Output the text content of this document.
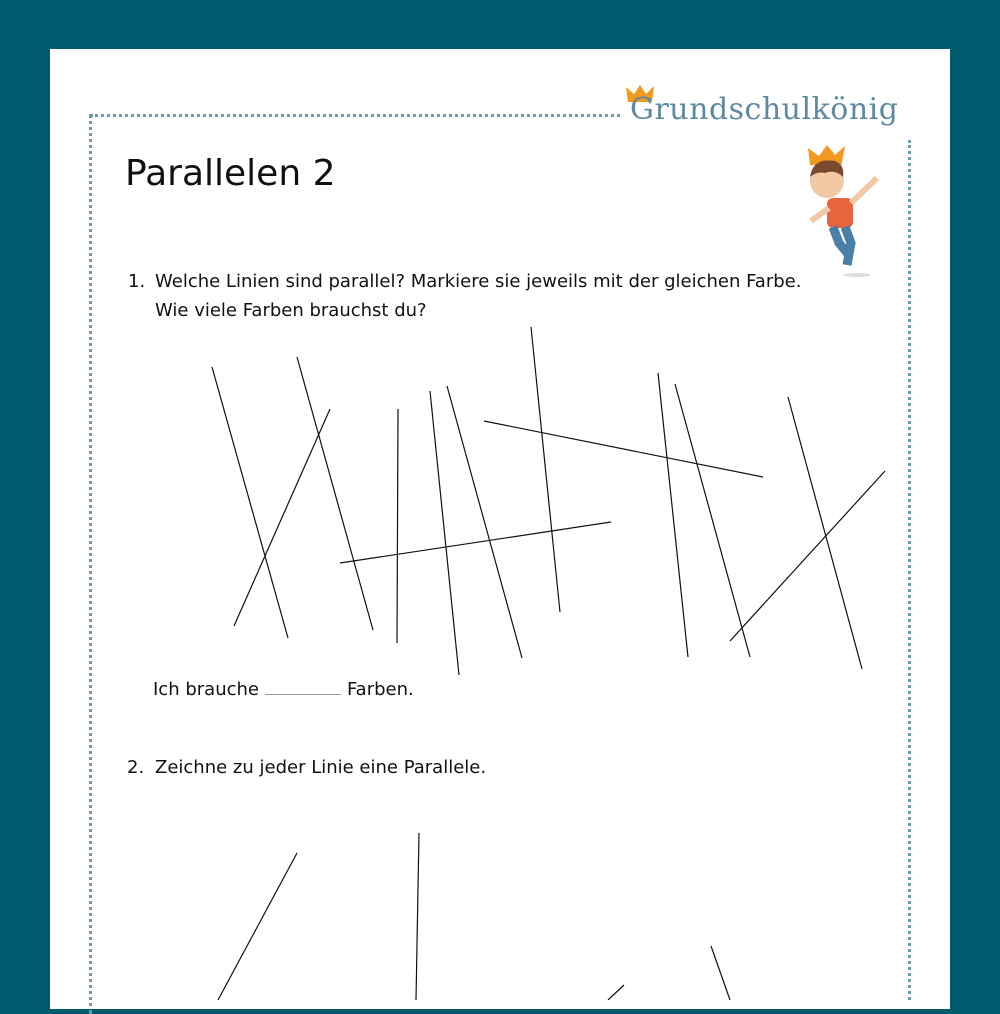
Grundschulkönig
Parallelen 2
1. Welche Linien sind parallel? Markiere sie jeweils mit der gleichen Farbe.
Wie viele Farben brauchst du?
Ich brauche	Farben.
2. Zeichne zu jeder Linie eine Parallele.
